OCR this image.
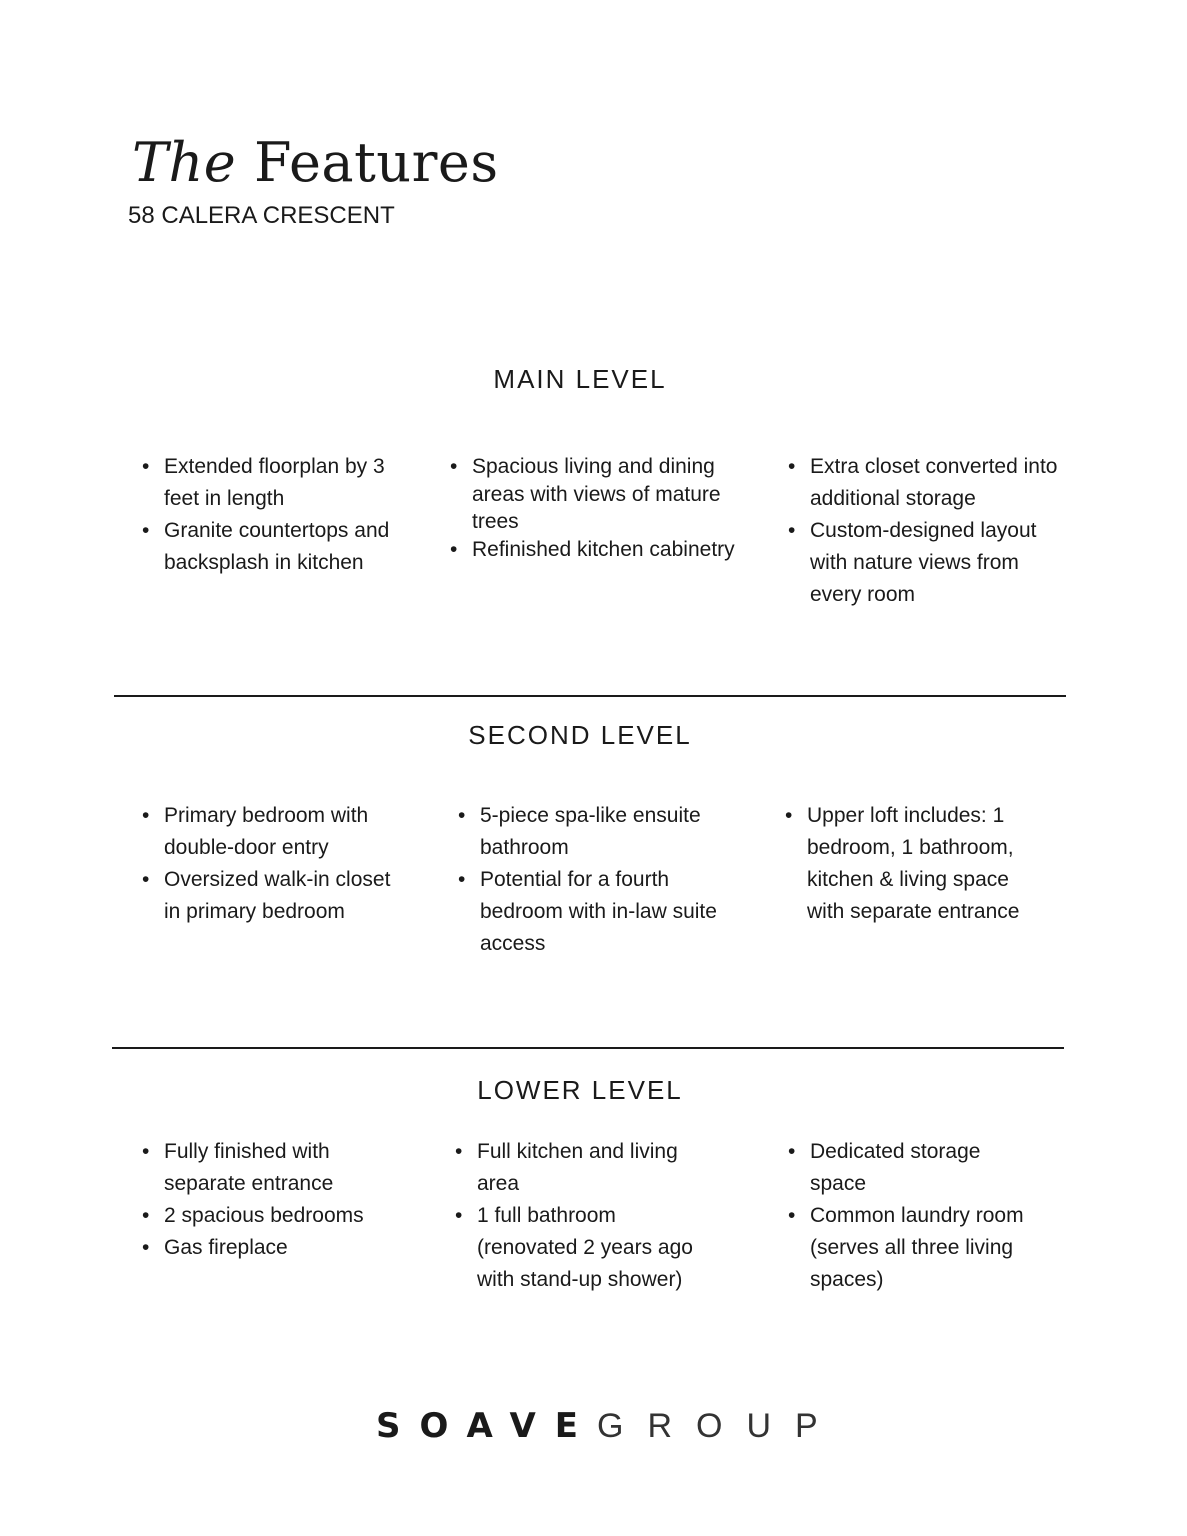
The Features
58 CALERA CRESCENT
MAIN LEVEL
• Extended floorplan by 3 feet in length
• Granite countertops and backsplash in kitchen
• Spacious living and dining areas with views of mature trees
• Refinished kitchen cabinetry
• Extra closet converted into additional storage
• Custom-designed layout with nature views from every room
SECOND LEVEL
• Primary bedroom with double-door entry
• Oversized walk-in closet in primary bedroom
• 5-piece spa-like ensuite bathroom
• Potential for a fourth bedroom with in-law suite access
• Upper loft includes: 1 bedroom, 1 bathroom, kitchen & living space with separate entrance
LOWER LEVEL
• Fully finished with separate entrance
• 2 spacious bedrooms
• Gas fireplace
• Full kitchen and living area
• 1 full bathroom (renovated 2 years ago with stand-up shower)
• Dedicated storage space
• Common laundry room (serves all three living spaces)
SOAVEGROUP
